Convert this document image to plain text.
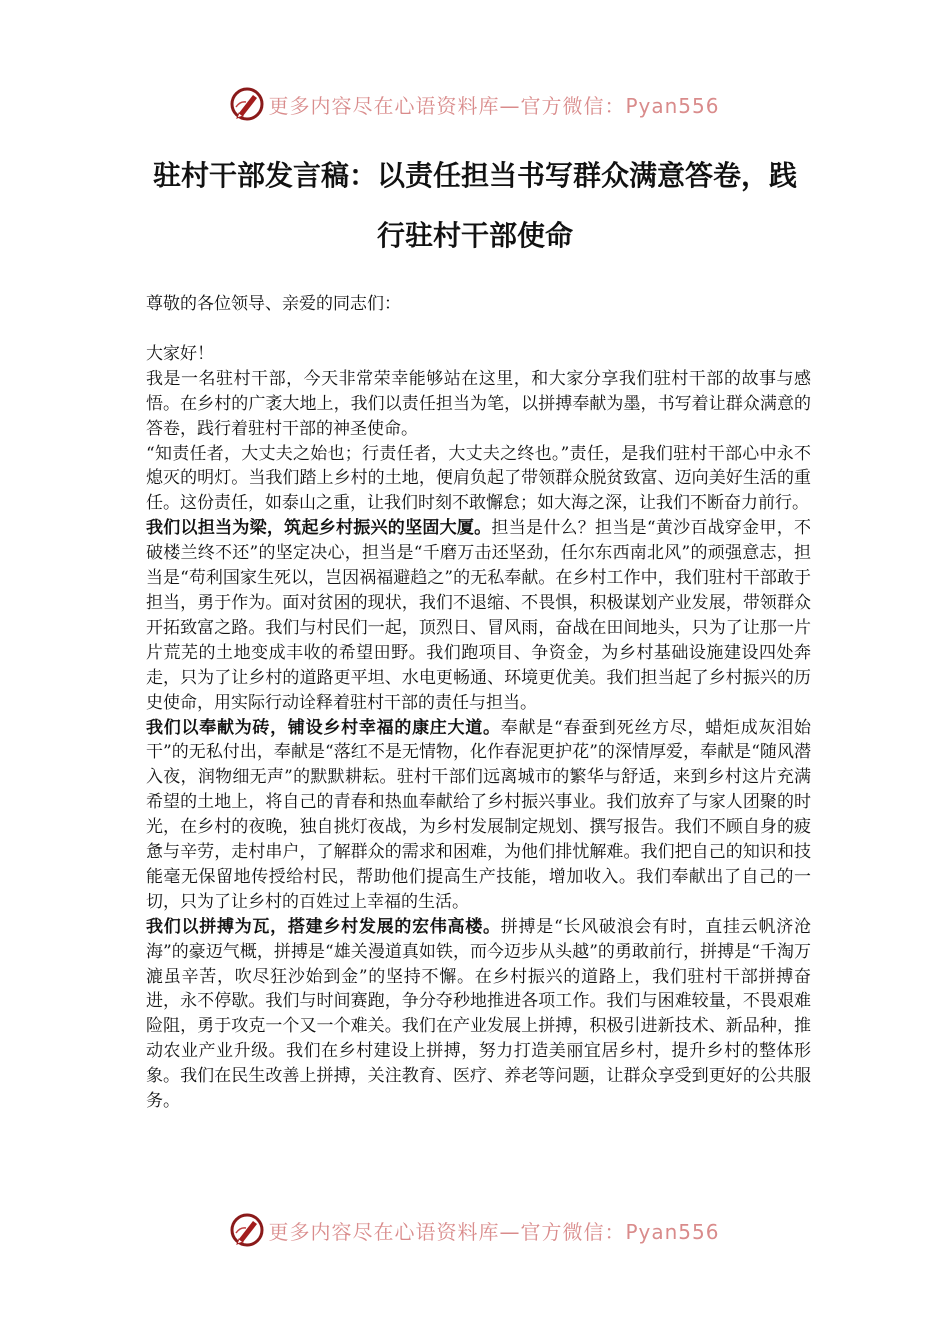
更多内容尽在心语资料库—官方微信：Pyan556
驻村干部发言稿：以责任担当书写群众满意答卷，践行驻村干部使命

尊敬的各位领导、亲爱的同志们：

大家好！

我是一名驻村干部，今天非常荣幸能够站在这里，和大家分享我们驻村干部的故事与感悟。在乡村的广袤大地上，我们以责任担当为笔，以拼搏奉献为墨，书写着让群众满意的答卷，践行着驻村干部的神圣使命。

“知责任者，大丈夫之始也；行责任者，大丈夫之终也。”责任，是我们驻村干部心中永不熄灭的明灯。当我们踏上乡村的土地，便肩负起了带领群众脱贫致富、迈向美好生活的重任。这份责任，如泰山之重，让我们时刻不敢懈怠；如大海之深，让我们不断奋力前行。

我们以担当为梁，筑起乡村振兴的坚固大厦。担当是什么？担当是“黄沙百战穿金甲，不破楼兰终不还”的坚定决心，担当是“千磨万击还坚劲，任尔东西南北风”的顽强意志，担当是“苟利国家生死以，岂因祸福避趋之”的无私奉献。在乡村工作中，我们驻村干部敢于担当，勇于作为。面对贫困的现状，我们不退缩、不畏惧，积极谋划产业发展，带领群众开拓致富之路。我们与村民们一起，顶烈日、冒风雨，奋战在田间地头，只为了让那一片片荒芜的土地变成丰收的希望田野。我们跑项目、争资金，为乡村基础设施建设四处奔走，只为了让乡村的道路更平坦、水电更畅通、环境更优美。我们担当起了乡村振兴的历史使命，用实际行动诠释着驻村干部的责任与担当。

我们以奉献为砖，铺设乡村幸福的康庄大道。奉献是“春蚕到死丝方尽，蜡炬成灰泪始干”的无私付出，奉献是“落红不是无情物，化作春泥更护花”的深情厚爱，奉献是“随风潜入夜，润物细无声”的默默耕耘。驻村干部们远离城市的繁华与舒适，来到乡村这片充满希望的土地上，将自己的青春和热血奉献给了乡村振兴事业。我们放弃了与家人团聚的时光，在乡村的夜晚，独自挑灯夜战，为乡村发展制定规划、撰写报告。我们不顾自身的疲惫与辛劳，走村串户，了解群众的需求和困难，为他们排忧解难。我们把自己的知识和技能毫无保留地传授给村民，帮助他们提高生产技能，增加收入。我们奉献出了自己的一切，只为了让乡村的百姓过上幸福的生活。

我们以拼搏为瓦，搭建乡村发展的宏伟高楼。拼搏是“长风破浪会有时，直挂云帆济沧海”的豪迈气概，拼搏是“雄关漫道真如铁，而今迈步从头越”的勇敢前行，拼搏是“千淘万漉虽辛苦，吹尽狂沙始到金”的坚持不懈。在乡村振兴的道路上，我们驻村干部拼搏奋进，永不停歇。我们与时间赛跑，争分夺秒地推进各项工作。我们与困难较量，不畏艰难险阻，勇于攻克一个又一个难关。我们在产业发展上拼搏，积极引进新技术、新品种，推动农业产业升级。我们在乡村建设上拼搏，努力打造美丽宜居乡村，提升乡村的整体形象。我们在民生改善上拼搏，关注教育、医疗、养老等问题，让群众享受到更好的公共服务。

更多内容尽在心语资料库—官方微信：Pyan556
